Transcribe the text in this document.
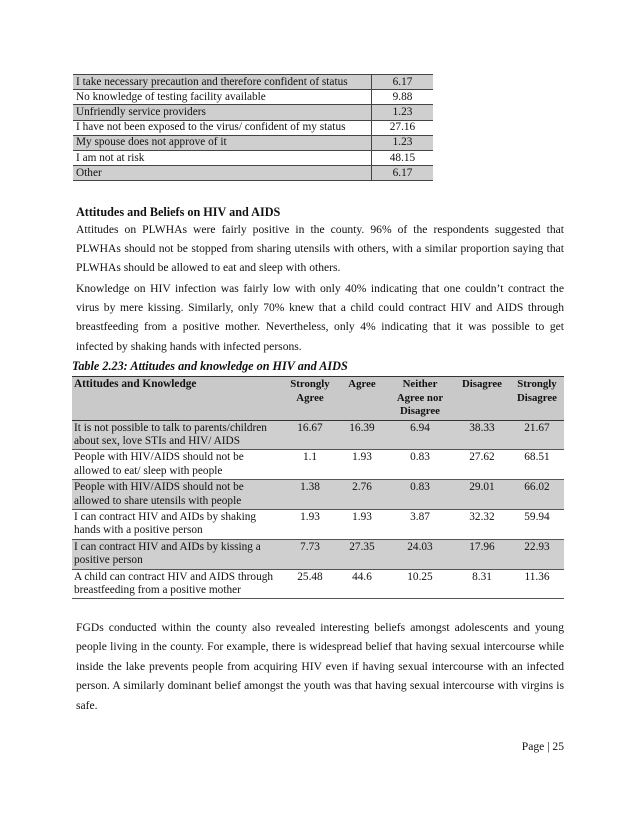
I take necessary precaution and therefore confident of status	6.17
No knowledge of testing facility available	9.88
Unfriendly service providers	1.23
I have not been exposed to the virus/ confident of my status	27.16
My spouse does not approve of it	1.23
I am not at risk	48.15
Other	6.17
Attitudes and Beliefs on HIV and AIDS
Attitudes on PLWHAs were fairly positive in the county. 96% of the respondents suggested that PLWHAs should not be stopped from sharing utensils with others, with a similar proportion saying that PLWHAs should be allowed to eat and sleep with others.
Knowledge on HIV infection was fairly low with only 40% indicating that one couldn’t contract the virus by mere kissing. Similarly, only 70% knew that a child could contract HIV and AIDS through breastfeeding from a positive mother. Nevertheless, only 4% indicating that it was possible to get infected by shaking hands with infected persons.
Table 2.23: Attitudes and knowledge on HIV and AIDS
Attitudes and Knowledge	Strongly Agree	Agree	Neither Agree nor Disagree	Disagree	Strongly Disagree
It is not possible to talk to parents/children about sex, love STIs and HIV/ AIDS	16.67	16.39	6.94	38.33	21.67
People with HIV/AIDS should not be allowed to eat/ sleep with people	1.1	1.93	0.83	27.62	68.51
People with HIV/AIDS should not be allowed to share utensils with people	1.38	2.76	0.83	29.01	66.02
I can contract HIV and AIDs by shaking hands with a positive person	1.93	1.93	3.87	32.32	59.94
I can contract HIV and AIDs by kissing a positive person	7.73	27.35	24.03	17.96	22.93
A child can contract HIV and AIDS through breastfeeding from a positive mother	25.48	44.6	10.25	8.31	11.36
FGDs conducted within the county also revealed interesting beliefs amongst adolescents and young people living in the county. For example, there is widespread belief that having sexual intercourse while inside the lake prevents people from acquiring HIV even if having sexual intercourse with an infected person. A similarly dominant belief amongst the youth was that having sexual intercourse with virgins is safe.
Page | 25
